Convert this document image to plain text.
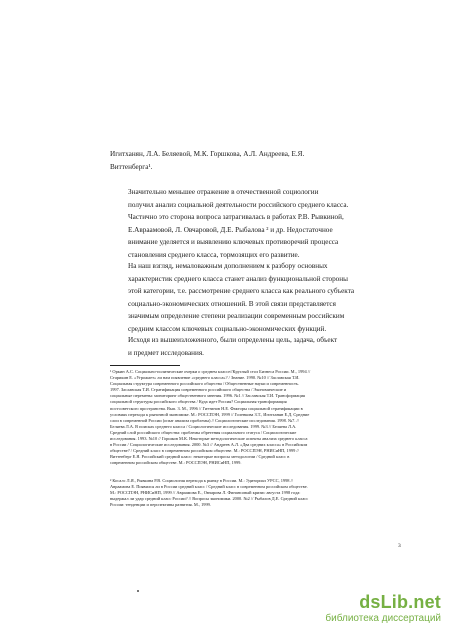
Игитханян, Л.А. Беляевой, М.К. Горшкова, А.Л. Андреева, Е.Я.
Виттенберга¹.
Значительно меньшее отражение в отечественной социологии
получил анализ социальной деятельности российского среднего класса.
Частично это сторона вопроса затрагивалась в работах Р.В. Рывкиной,
Е.Авраамовой, Л. Овчаровой, Д.Е. Рыбалова ² и др. Недостаточное
внимание уделяется и выявлению ключевых противоречий процесса
становления среднего класса, тормозящих его развитие.
На наш взгляд, немаловажным дополнением к разбору основных
характеристик среднего класса станет анализ функциональной стороны
этой категории, т.е. рассмотрение среднего класса как реального субъекта
социально-экономических отношений. В этой связи представляется
значимым определение степени реализации современным российским
средним классом ключевых социально-экономических функций.
Исходя из вышеизложенного, были определены цель, задача, объект
и предмет исследования.
¹ Оркин А.С. Социально-политические очерки о среднем классе//Круглый стол Бизнеса России. М., 1994 //
Старикин Е. «Угрожает» ли нам появление «среднего класса»? / Знание. 1990. №10 // Заславская Т.И.
Социальная структура современного российского общества / Общественные науки и современность.
1997. Заславская Т.И. Стратификация современного российского общества / Экономические и
социальные перемены: мониторинг общественного мнения. 1996. №1 // Заславская Т.И. Трансформация
социальной структуры российского общества / Куда идет Россия? Социальная трансформация
постсоветского пространства. Вып. 3. М., 1996 // Гиттинов Н.Е. Факторы социальной стратификации в
условиях перехода к рыночной экономике. М.: РОССПЭН, 1999 // Голенкова З.Т., Игитханян Е.Д. Средние
слои в современной России (опыт анализа проблемы) // Социологические исследования. 1998. №7. //
Беляева Л.А. В поисках среднего класса / Социологические исследования. 1999. №3 // Беляева Л.А.
Средний слой российского общества: проблемы обретения социального статуса / Социологические
исследования. 1993. №10 // Горшков М.К. Некоторые методологические аспекты анализа среднего класса
в России / Социологические исследования. 2000. №3 // Андреев А.Л. «Два средних класса» в Российском
обществе? / Средний класс в современном российском обществе. М.: РОССПЭН, РНИСиНП, 1999 //
Виттенберг Е.Я. Российский средний класс: некоторые вопросы методологии / Средний класс в
современном российском обществе. М.: РОССПЭН, РНИСиНП, 1999.
² Косалс Л.Я., Рывкина Р.В. Социология перехода к рынку в России. М.: Эдиториал УРСС, 1998 //
Авраамова Е. Появился ли в России средний класс / Средний класс в современном российском обществе.
М.: РОССПЭН, РНИСиНП, 1999 // Авраамова Е., Овчарова Л. Финансовый кризис августа 1998 года:
выдержал ли удар средний класс России? // Вопросы экономики. 2000. №2 // Рыбалов Д.Е. Средний класс
России: тенденции и перспективы развития. М., 1999.
3
dsLib.net
библиотека диссертаций
